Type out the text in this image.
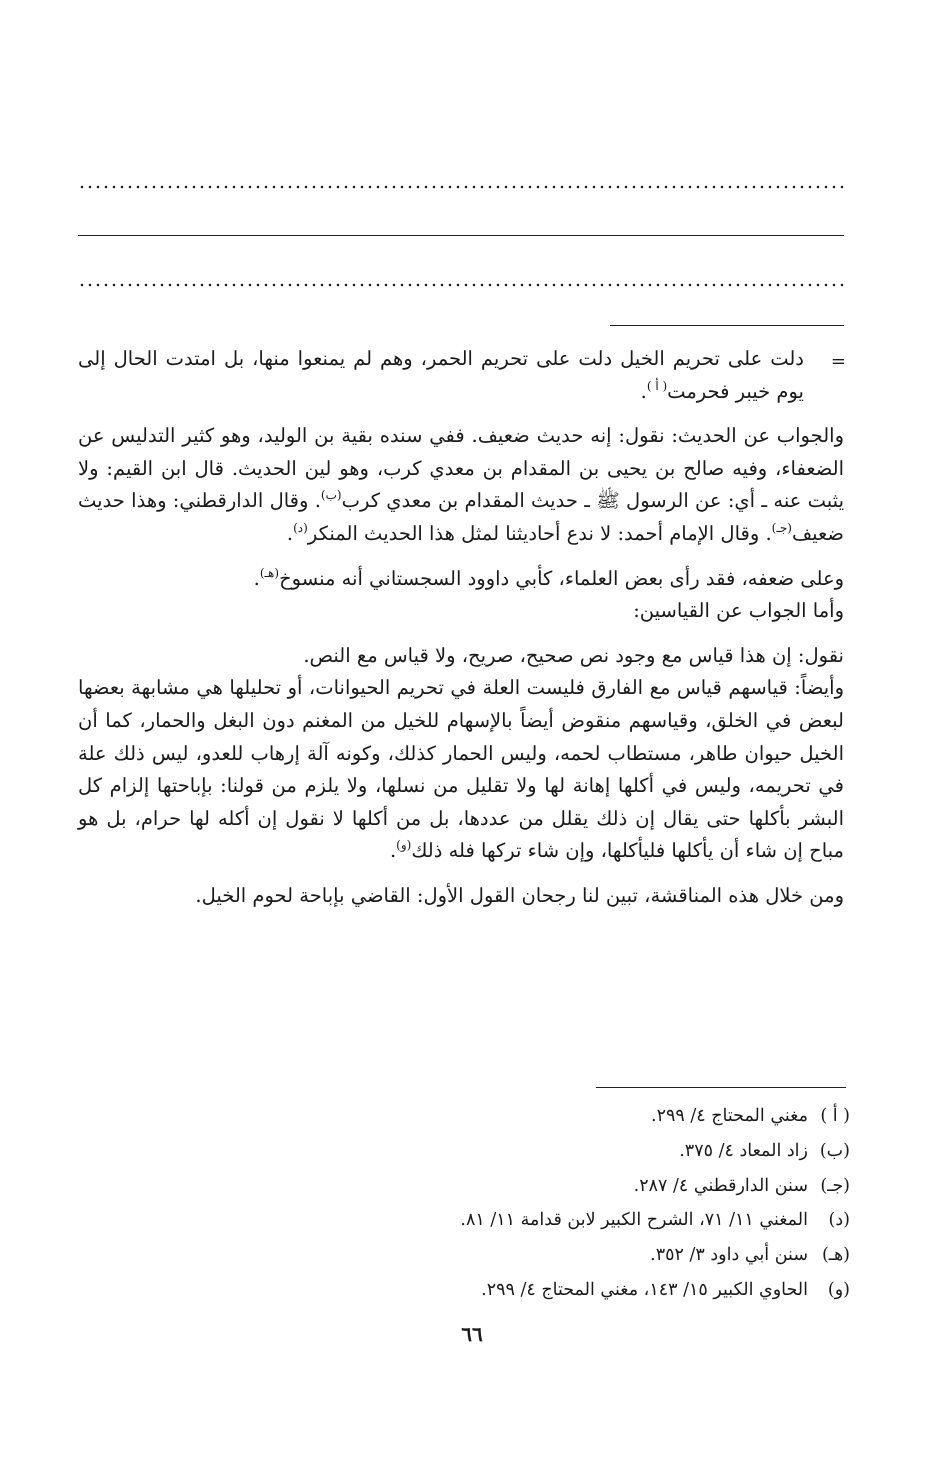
=

دلت على تحريم الخيل دلت على تحريم الحمر، وهم لم يمنعوا منها، بل امتدت الحال إلى يوم خيبر فحرمت$^{( أ )}$.

والجواب عن الحديث: نقول: إنه حديث ضعيف. ففي سنده بقية بن الوليد، وهو كثير التدليس عن الضعفاء، وفيه صالح بن يحيى بن المقدام بن معدي كرب، وهو لين الحديث. قال ابن القيم: ولا يثبت عنه ـ أي: عن الرسول ﷺ ـ حديث المقدام بن معدي كرب$^{(ب)}$. وقال الدارقطني: وهذا حديث ضعيف$^{(جـ)}$. وقال الإمام أحمد: لا ندع أحاديثنا لمثل هذا الحديث المنكر$^{(د)}$.

وعلى ضعفه، فقد رأى بعض العلماء، كأبي داوود السجستاني أنه منسوخ$^{(هـ)}$.

وأما الجواب عن القياسين:

نقول: إن هذا قياس مع وجود نص صحيح، صريح، ولا قياس مع النص.

وأيضاً: قياسهم قياس مع الفارق فليست العلة في تحريم الحيوانات، أو تحليلها هي مشابهة بعضها لبعض في الخلق، وقياسهم منقوض أيضاً بالإسهام للخيل من المغنم دون البغل والحمار، كما أن الخيل حيوان طاهر، مستطاب لحمه، وليس الحمار كذلك، وكونه آلة إرهاب للعدو، ليس ذلك علة في تحريمه، وليس في أكلها إهانة لها ولا تقليل من نسلها، ولا يلزم من قولنا: بإباحتها إلزام كل البشر بأكلها حتى يقال إن ذلك يقلل من عددها، بل من أكلها لا نقول إن أكله لها حرام، بل هو مباح إن شاء أن يأكلها فليأكلها، وإن شاء تركها فله ذلك$^{(و)}$.

ومن خلال هذه المناقشة، تبين لنا رجحان القول الأول: القاضي بإباحة لحوم الخيل.

( أ )
مغني المحتاج ٤/ ٢٩٩.
(ب)
زاد المعاد ٤/ ٣٧٥.
(جـ)
سنن الدارقطني ٤/ ٢٨٧.
(د)
المغني ١١/ ٧١، الشرح الكبير لابن قدامة ١١/ ٨١.
(هـ)
سنن أبي داود ٣/ ٣٥٢.
(و)
الحاوي الكبير ١٥/ ١٤٣، مغني المحتاج ٤/ ٢٩٩.
٦٦
